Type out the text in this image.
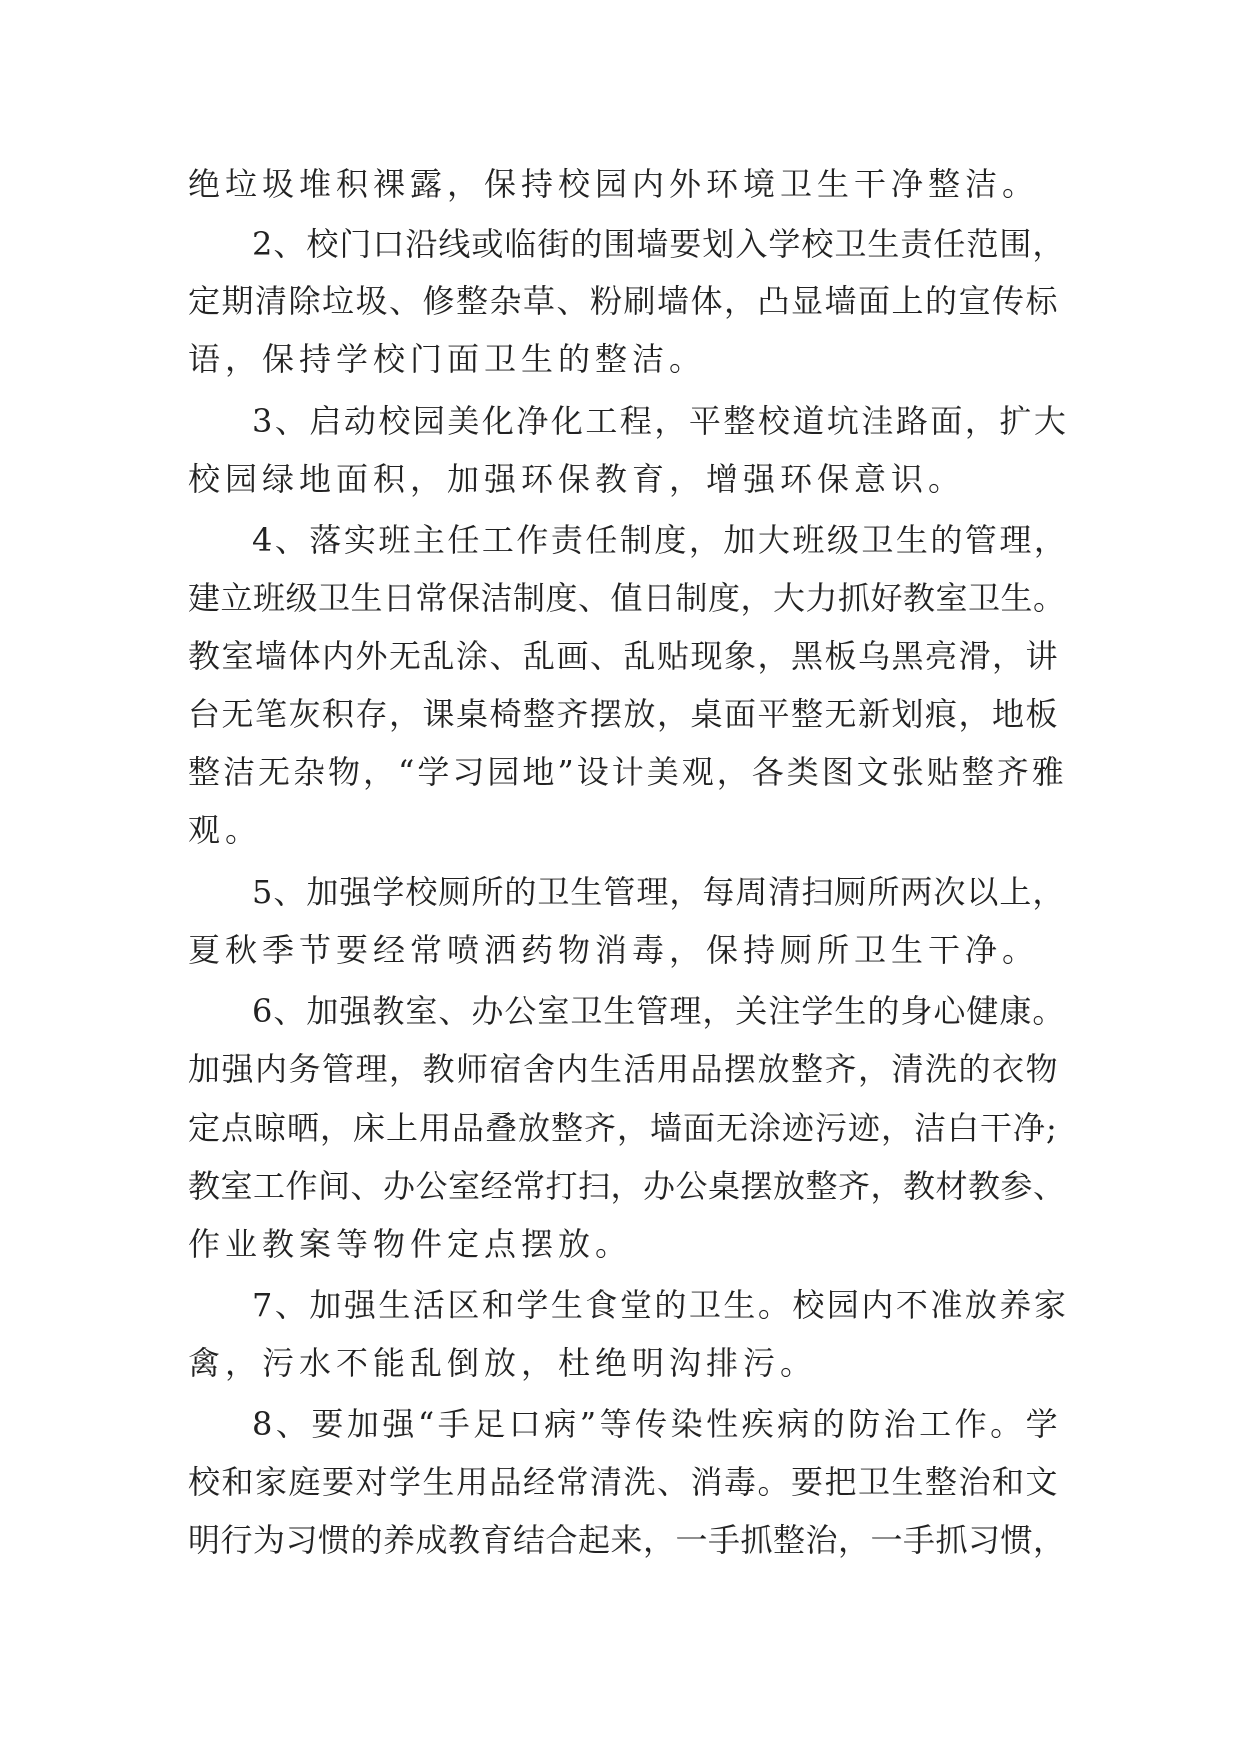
绝垃圾堆积裸露，保持校园内外环境卫生干净整洁。
2、校门口沿线或临街的围墙要划入学校卫生责任范围，
定期清除垃圾、修整杂草、粉刷墙体，凸显墙面上的宣传标
语，保持学校门面卫生的整洁。
3、启动校园美化净化工程，平整校道坑洼路面，扩大
校园绿地面积，加强环保教育，增强环保意识。
4、落实班主任工作责任制度，加大班级卫生的管理，
建立班级卫生日常保洁制度、值日制度，大力抓好教室卫生。
教室墙体内外无乱涂、乱画、乱贴现象，黑板乌黑亮滑，讲
台无笔灰积存，课桌椅整齐摆放，桌面平整无新划痕，地板
整洁无杂物，“学习园地”设计美观，各类图文张贴整齐雅
观。
5、加强学校厕所的卫生管理，每周清扫厕所两次以上，
夏秋季节要经常喷洒药物消毒，保持厕所卫生干净。
6、加强教室、办公室卫生管理，关注学生的身心健康。
加强内务管理，教师宿舍内生活用品摆放整齐，清洗的衣物
定点晾晒，床上用品叠放整齐，墙面无涂迹污迹，洁白干净;
教室工作间、办公室经常打扫，办公桌摆放整齐，教材教参、
作业教案等物件定点摆放。
7、加强生活区和学生食堂的卫生。校园内不准放养家
禽，污水不能乱倒放，杜绝明沟排污。
8、要加强“手足口病”等传染性疾病的防治工作。学
校和家庭要对学生用品经常清洗、消毒。要把卫生整治和文
明行为习惯的养成教育结合起来，一手抓整治，一手抓习惯，
